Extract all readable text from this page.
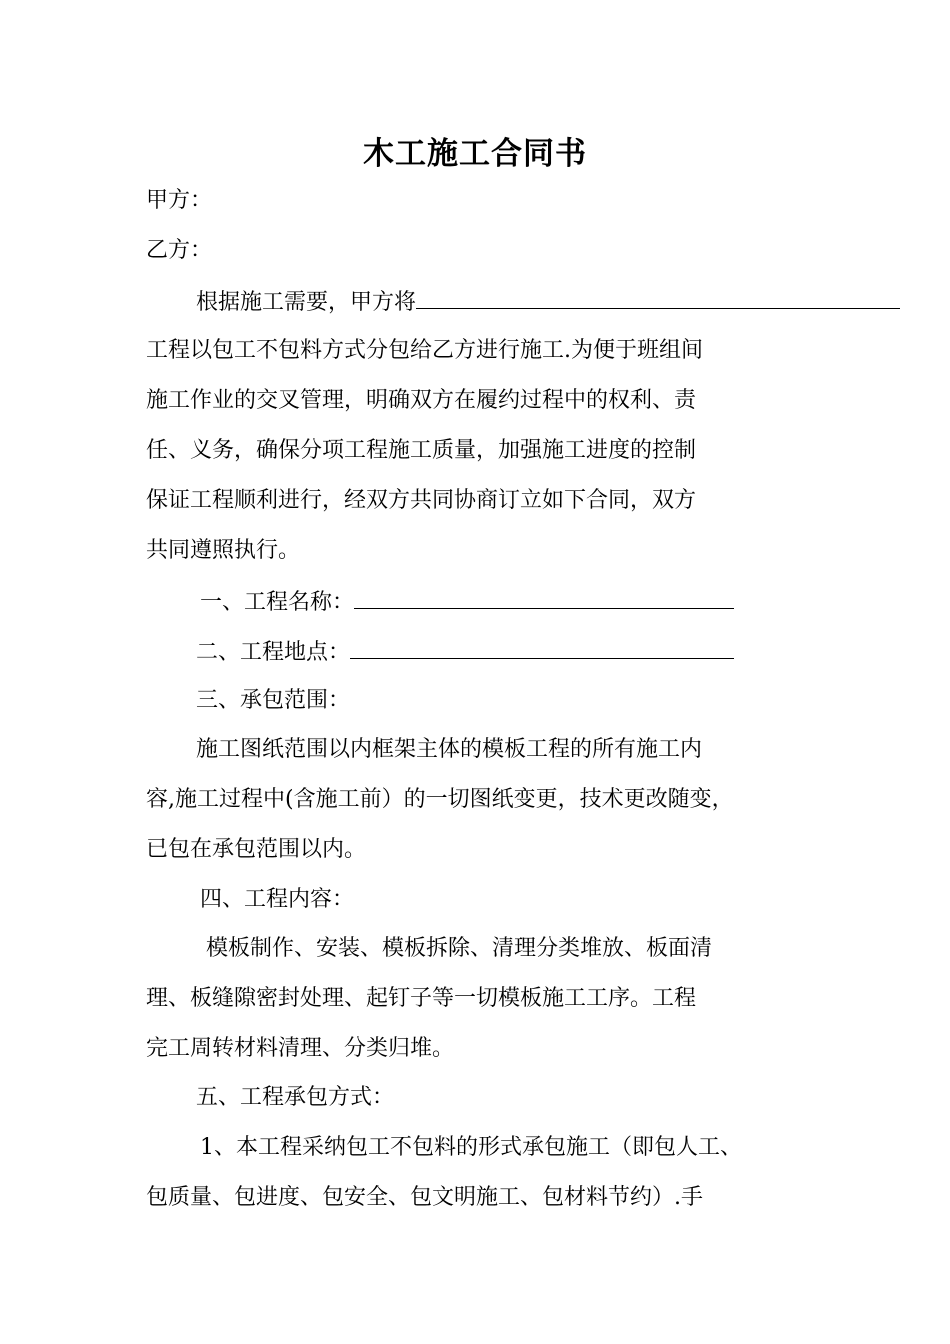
木工施工合同书
甲方：
乙方：
根据施工需要，甲方将
工程以包工不包料方式分包给乙方进行施工.为便于班组间
施工作业的交叉管理，明确双方在履约过程中的权利、责
任、义务，确保分项工程施工质量，加强施工进度的控制
保证工程顺利进行，经双方共同协商订立如下合同，双方
共同遵照执行。
一、工程名称：
二、工程地点：
三、承包范围：
施工图纸范围以内框架主体的模板工程的所有施工内
容,施工过程中(含施工前）的一切图纸变更，技术更改随变，
已包在承包范围以内。
四、工程内容：
模板制作、安装、模板拆除、清理分类堆放、板面清
理、板缝隙密封处理、起钉子等一切模板施工工序。工程
完工周转材料清理、分类归堆。
五、工程承包方式：
1、本工程采纳包工不包料的形式承包施工（即包人工、
包质量、包进度、包安全、包文明施工、包材料节约）.手
